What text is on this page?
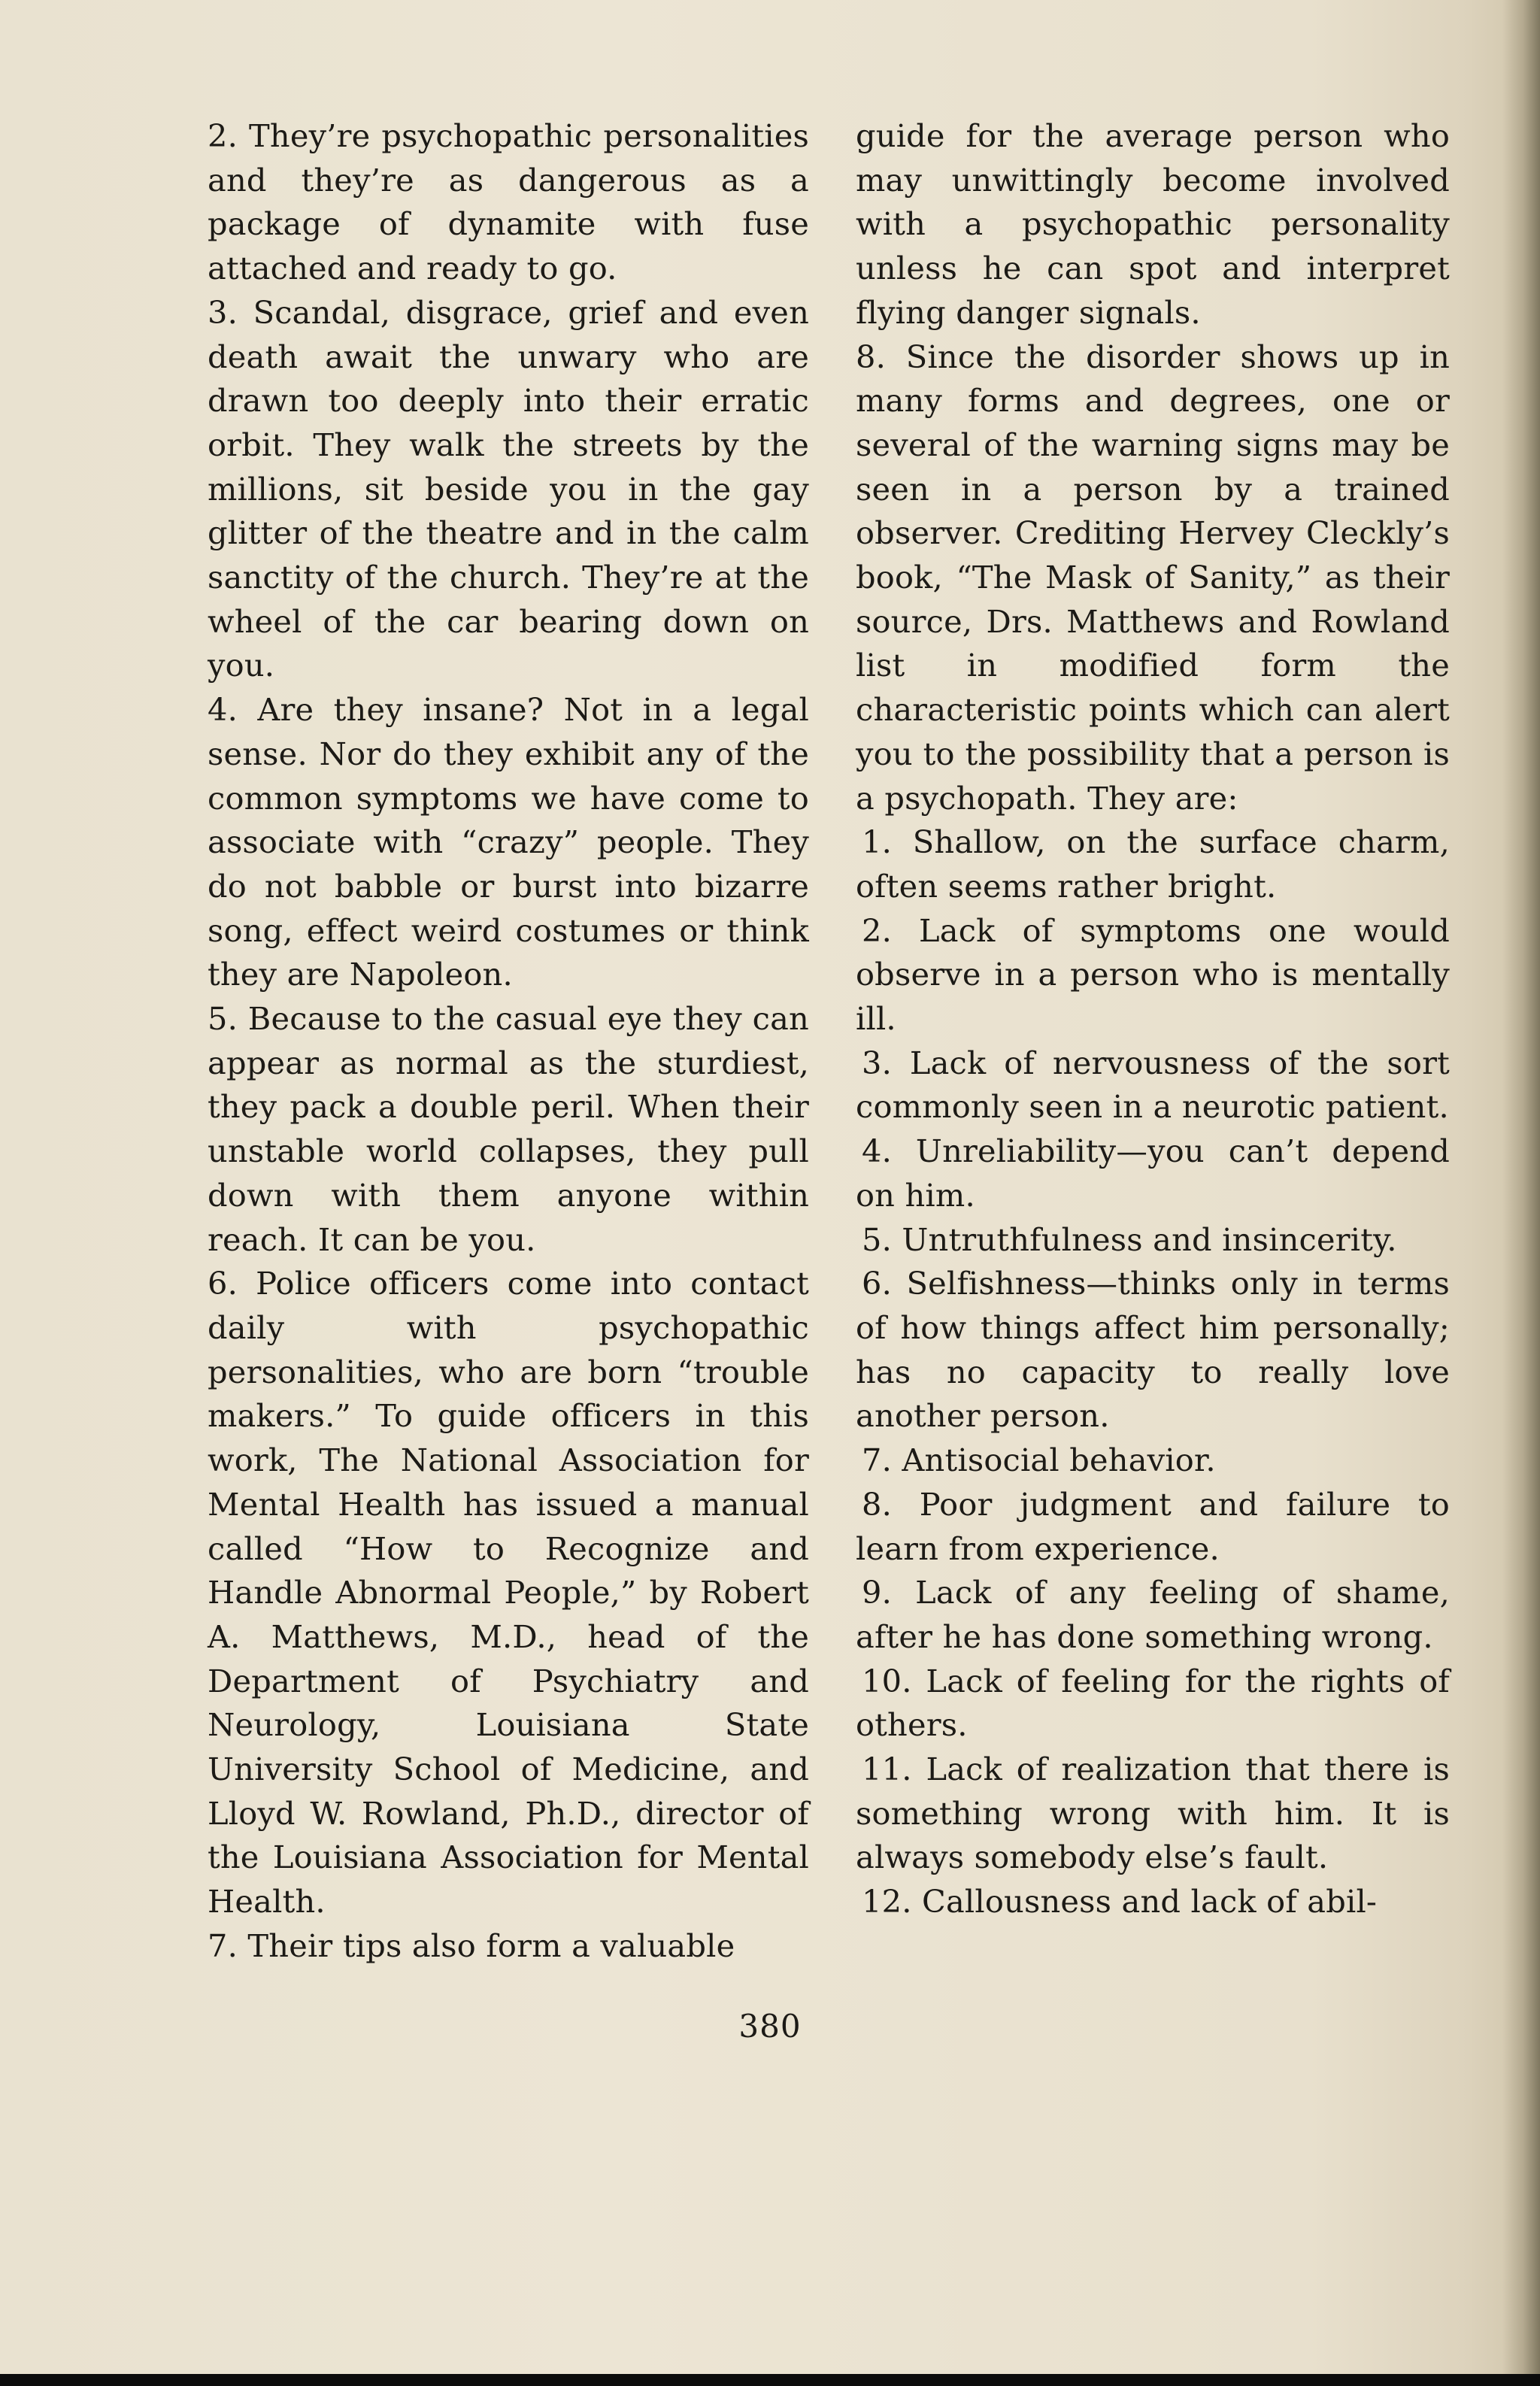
2. They’re psychopathic personalities and they’re as dangerous as a package of dynamite with fuse attached and ready to go.

3. Scandal, disgrace, grief and even death await the unwary who are drawn too deeply into their erratic orbit. They walk the streets by the millions, sit beside you in the gay glitter of the theatre and in the calm sanctity of the church. They’re at the wheel of the car bearing down on you.

4. Are they insane? Not in a legal sense. Nor do they exhibit any of the common symptoms we have come to associate with “crazy” people. They do not babble or burst into bizarre song, effect weird costumes or think they are Napoleon.

5. Because to the casual eye they can appear as normal as the sturdiest, they pack a double peril. When their unstable world collapses, they pull down with them anyone within reach. It can be you.

6. Police officers come into contact daily with psychopathic personalities, who are born “trouble makers.” To guide officers in this work, The National Association for Mental Health has issued a manual called “How to Recognize and Handle Abnormal People,” by Robert A. Matthews, M.D., head of the Department of Psychiatry and Neurology, Louisiana State University School of Medicine, and Lloyd W. Rowland, Ph.D., director of the Louisiana Association for Mental Health.

7. Their tips also form a valuable

guide for the average person who may unwittingly become involved with a psychopathic personality unless he can spot and interpret flying danger signals.

8. Since the disorder shows up in many forms and degrees, one or several of the warning signs may be seen in a person by a trained observer. Crediting Hervey Cleckly’s book, “The Mask of Sanity,” as their source, Drs. Matthews and Rowland list in modified form the characteristic points which can alert you to the possibility that a person is a psychopath. They are:

1. Shallow, on the surface charm, often seems rather bright.

2. Lack of symptoms one would observe in a person who is mentally ill.

3. Lack of nervousness of the sort commonly seen in a neurotic patient.

4. Unreliability—you can’t depend on him.

5. Untruthfulness and insincerity.

6. Selfishness—thinks only in terms of how things affect him personally; has no capacity to really love another person.

7. Antisocial behavior.

8. Poor judgment and failure to learn from experience.

9. Lack of any feeling of shame, after he has done something wrong.

10. Lack of feeling for the rights of others.

11. Lack of realization that there is something wrong with him. It is always somebody else’s fault.

12. Callousness and lack of abil-

380
